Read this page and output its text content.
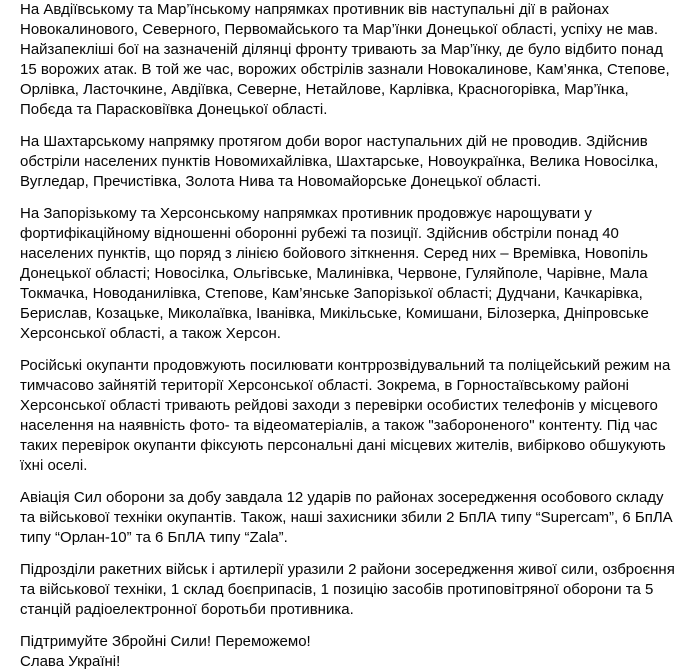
На Авдіївському та Мар’їнському напрямках противник вів наступальні дії в районах Новокалинового, Северного, Первомайського та Мар’їнки Донецької області, успіху не мав. Найзапекліші бої на зазначеній ділянці фронту тривають за Мар’їнку, де було відбито понад 15 ворожих атак. В той же час, ворожих обстрілів зазнали Новокалинове, Кам’янка, Степове, Орлівка, Ласточкине, Авдіївка, Северне, Нетайлове, Карлівка, Красногорівка, Мар’їнка, Побєда та Парасковіївка Донецької області.

На Шахтарському напрямку протягом доби ворог наступальних дій не проводив. Здійснив обстріли населених пунктів Новомихайлівка, Шахтарське, Новоукраїнка, Велика Новосілка, Вугледар, Пречистівка, Золота Нива та Новомайорське Донецької області.

На Запорізькому та Херсонському напрямках противник продовжує нарощувати у фортифікаційному відношенні оборонні рубежі та позиції. Здійснив обстріли понад 40 населених пунктів, що поряд з лінією бойового зіткнення. Серед них – Времівка, Новопіль Донецької області; Новосілка, Ольгівське, Малинівка, Червоне, Гуляйполе, Чарівне, Мала Токмачка, Новоданилівка, Степове, Кам’янське Запорізької області; Дудчани, Качкарівка, Берислав, Козацьке, Миколаївка, Іванівка, Микільське, Комишани, Білозерка, Дніпровське Херсонської області, а також Херсон.

Російські окупанти продовжують посилювати контррозвідувальний та поліцейський режим на тимчасово зайнятій території Херсонської області. Зокрема, в Горностаївському районі Херсонської області тривають рейдові заходи з перевірки особистих телефонів у місцевого населення на наявність фото- та відеоматеріалів, а також "забороненого" контенту. Під час таких перевірок окупанти фіксують персональні дані місцевих жителів, вибірково обшукують їхні оселі.

Авіація Сил оборони за добу завдала 12 ударів по районах зосередження особового складу та військової техніки окупантів. Також, наші захисники збили 2 БпЛА типу “Supercam”, 6 БпЛА типу “Орлан-10” та 6 БпЛА типу “Zala”.

Підрозділи ракетних військ і артилерії уразили 2 райони зосередження живої сили, озброєння та військової техніки, 1 склад боєприпасів, 1 позицію засобів протиповітряної оборони та 5 станцій радіоелектронної боротьби противника.

Підтримуйте Збройні Сили! Переможемо!
Слава Україні!
